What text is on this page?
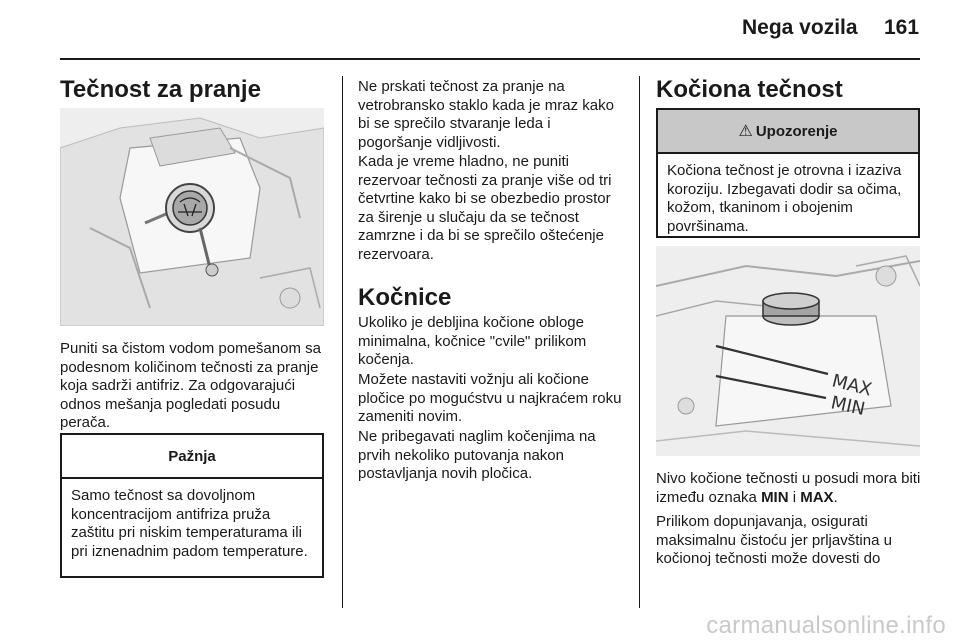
Nega vozila 161
Tečnost za pranje

Puniti sa čistom vodom pomešanom sa podesnom količinom tečnosti za pranje koja sadrži antifriz. Za odgovarajući odnos mešanja pogledati posudu perača.

Pažnja
Samo tečnost sa dovoljnom koncentracijom antifriza pruža zaštitu pri niskim temperaturama ili pri iznenadnim padom temperature.

Ne prskati tečnost za pranje na vetrobransko staklo kada je mraz kako bi se sprečilo stvaranje leda i pogoršanje vidljivosti.

Kada je vreme hladno, ne puniti rezervoar tečnosti za pranje više od tri četvrtine kako bi se obezbedio prostor za širenje u slučaju da se tečnost zamrzne i da bi se sprečilo oštećenje rezervoara.

Kočnice

Ukoliko je debljina kočione obloge minimalna, kočnice "cvile" prilikom kočenja.

Možete nastaviti vožnju ali kočione pločice po mogućstvu u najkraćem roku zameniti novim.

Ne pribegavati naglim kočenjima na prvih nekoliko putovanja nakon postavljanja novih pločica.

Kočiona tečnost
⚠ Upozorenje
Kočiona tečnost je otrovna i izaziva koroziju. Izbegavati dodir sa očima, kožom, tkaninom i obojenim površinama.
MAX
MIN

Nivo kočione tečnosti u posudi mora biti između oznaka MIN i MAX.

Prilikom dopunjavanja, osigurati maksimalnu čistoću jer prljavština u kočionoj tečnosti može dovesti do

carmanualsonline.info
